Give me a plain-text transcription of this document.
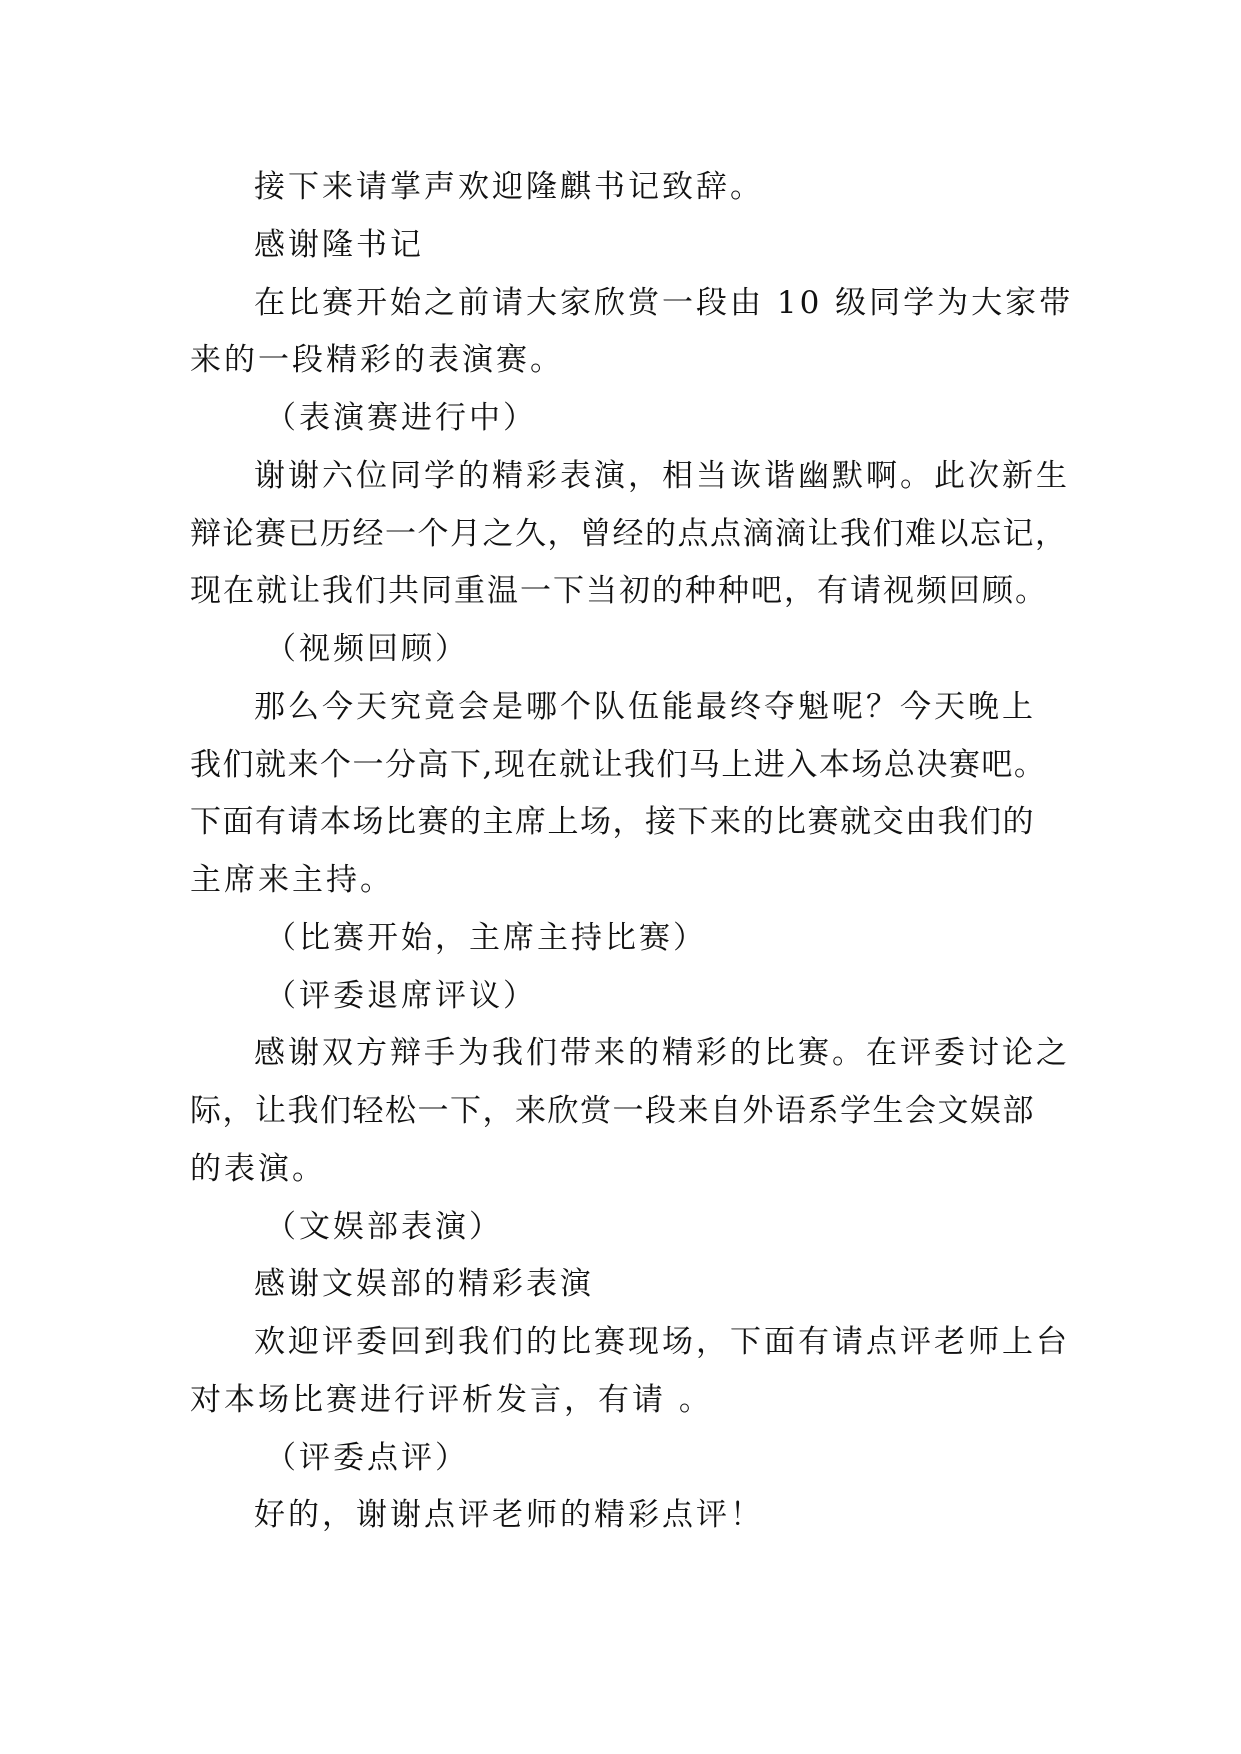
接下来请掌声欢迎隆麒书记致辞。
感谢隆书记
在比赛开始之前请大家欣赏一段由 10 级同学为大家带
来的一段精彩的表演赛。
（表演赛进行中）
谢谢六位同学的精彩表演，相当诙谐幽默啊。此次新生
辩论赛已历经一个月之久，曾经的点点滴滴让我们难以忘记，
现在就让我们共同重温一下当初的种种吧，有请视频回顾。
（视频回顾）
那么今天究竟会是哪个队伍能最终夺魁呢？今天晚上
我们就来个一分高下,现在就让我们马上进入本场总决赛吧。
下面有请本场比赛的主席上场，接下来的比赛就交由我们的
主席来主持。
（比赛开始，主席主持比赛）
（评委退席评议）
感谢双方辩手为我们带来的精彩的比赛。在评委讨论之
际，让我们轻松一下，来欣赏一段来自外语系学生会文娱部
的表演。
（文娱部表演）
感谢文娱部的精彩表演
欢迎评委回到我们的比赛现场，下面有请点评老师上台
对本场比赛进行评析发言，有请 。
（评委点评）
好的，谢谢点评老师的精彩点评！
